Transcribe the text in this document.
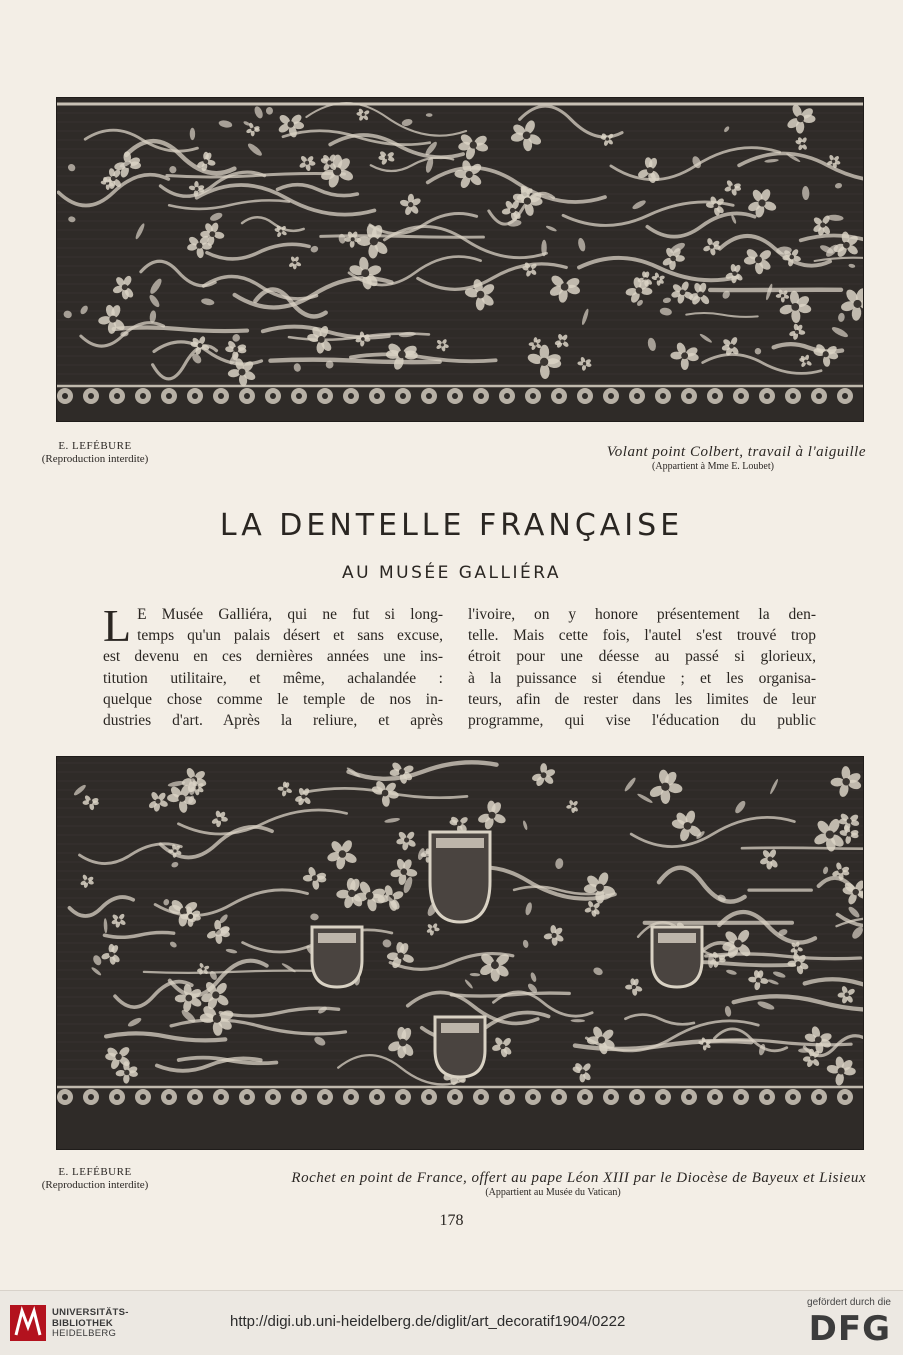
E. LEFÉBURE
(Reproduction interdite)	Volant point Colbert, travail à l'aiguille
(Appartient à Mme E. Loubet)
LA DENTELLE FRANÇAISE
AU MUSÉE GALLIÉRA
L E Musée Galliéra, qui ne fut si long-
temps qu'un palais désert et sans excuse,
est devenu en ces dernières années une ins-
titution utilitaire, et même, achalandée :
quelque chose comme le temple de nos in-
dustries d'art. Après la reliure, et après
l'ivoire, on y honore présentement la den-
telle. Mais cette fois, l'autel s'est trouvé trop
étroit pour une déesse au passé si glorieux,
à la puissance si étendue ; et les organisa-
teurs, afin de rester dans les limites de leur
programme, qui vise l'éducation du public
E. LEFÉBURE
(Reproduction interdite)	Rochet en point de France, offert au pape Léon XIII par le Diocèse de Bayeux et Lisieux
(Appartient au Musée du Vatican)
178
UNIVERSITÄTS-
BIBLIOTHEK
HEIDELBERG
http://digi.ub.uni-heidelberg.de/diglit/art_decoratif1904/0222
gefördert durch die
DFG
